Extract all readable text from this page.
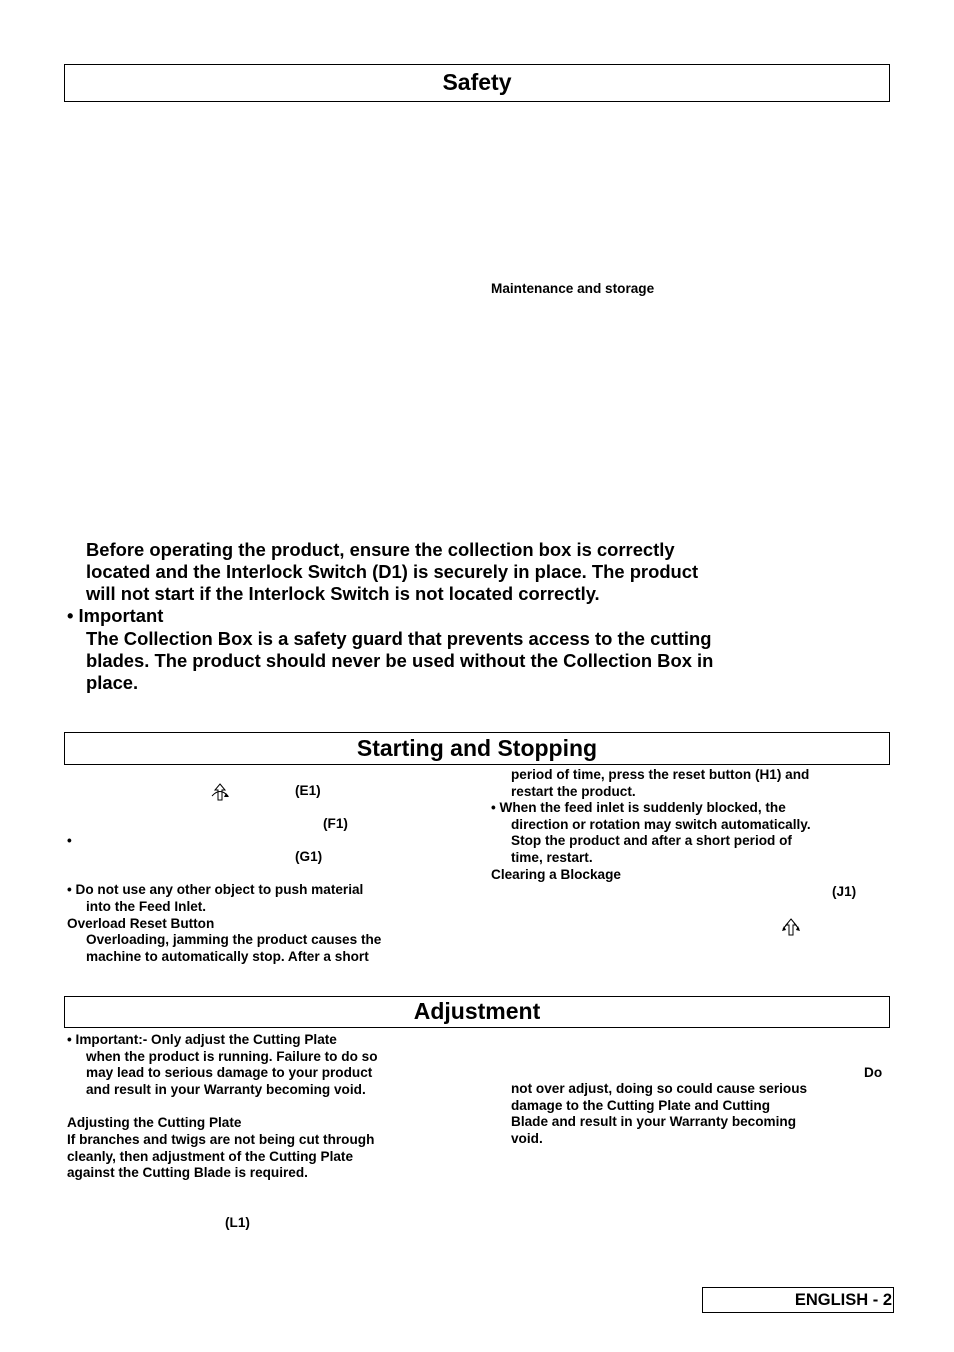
Safety
Maintenance and storage
Before operating the product, ensure the collection box is correctly
located and the Interlock Switch (D1) is securely in place. The product
will not start if the Interlock Switch is not located correctly.
• Important
The Collection Box is a safety guard that prevents access to the cutting
blades. The product should never be used without the Collection Box in
place.
Starting and Stopping
(E1)
(F1)
•
(G1)
• Do not use any other object to push material
into the Feed Inlet.
Overload Reset Button
Overloading, jamming the product causes the
machine to automatically stop. After a short
period of time, press the reset button (H1) and
restart the product.
• When the feed inlet is suddenly blocked, the
direction or rotation may switch automatically.
Stop the product and after a short period of
time, restart.
Clearing a Blockage
(J1)
Adjustment
• Important:- Only adjust the Cutting Plate
when the product is running. Failure to do so
may lead to serious damage to your product
and result in your Warranty becoming void.
Adjusting the Cutting Plate
If branches and twigs are not being cut through
cleanly, then adjustment of the Cutting Plate
against the Cutting Blade is required.
(L1)
Do
not over adjust, doing so could cause serious
damage to the Cutting Plate and Cutting
Blade and result in your Warranty becoming
void.
ENGLISH - 2
